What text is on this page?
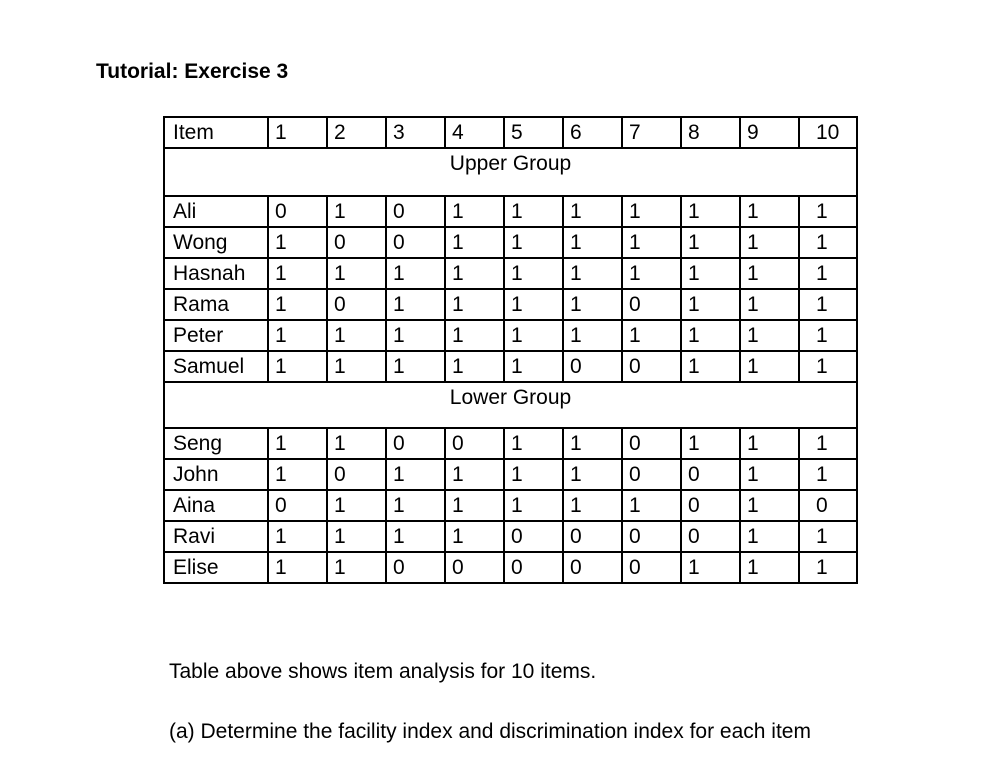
Tutorial: Exercise 3
Item	1	2	3	4	5	6	7	8	9	10
Upper Group										
Ali	0	1	0	1	1	1	1	1	1	1
Wong	1	0	0	1	1	1	1	1	1	1
Hasnah	1	1	1	1	1	1	1	1	1	1
Rama	1	0	1	1	1	1	0	1	1	1
Peter	1	1	1	1	1	1	1	1	1	1
Samuel	1	1	1	1	1	0	0	1	1	1
Lower Group										
Seng	1	1	0	0	1	1	0	1	1	1
John	1	0	1	1	1	1	0	0	1	1
Aina	0	1	1	1	1	1	1	0	1	0
Ravi	1	1	1	1	0	0	0	0	1	1
Elise	1	1	0	0	0	0	0	1	1	1

Table above shows item analysis for 10 items.

(a) Determine the facility index and discrimination index for each item
